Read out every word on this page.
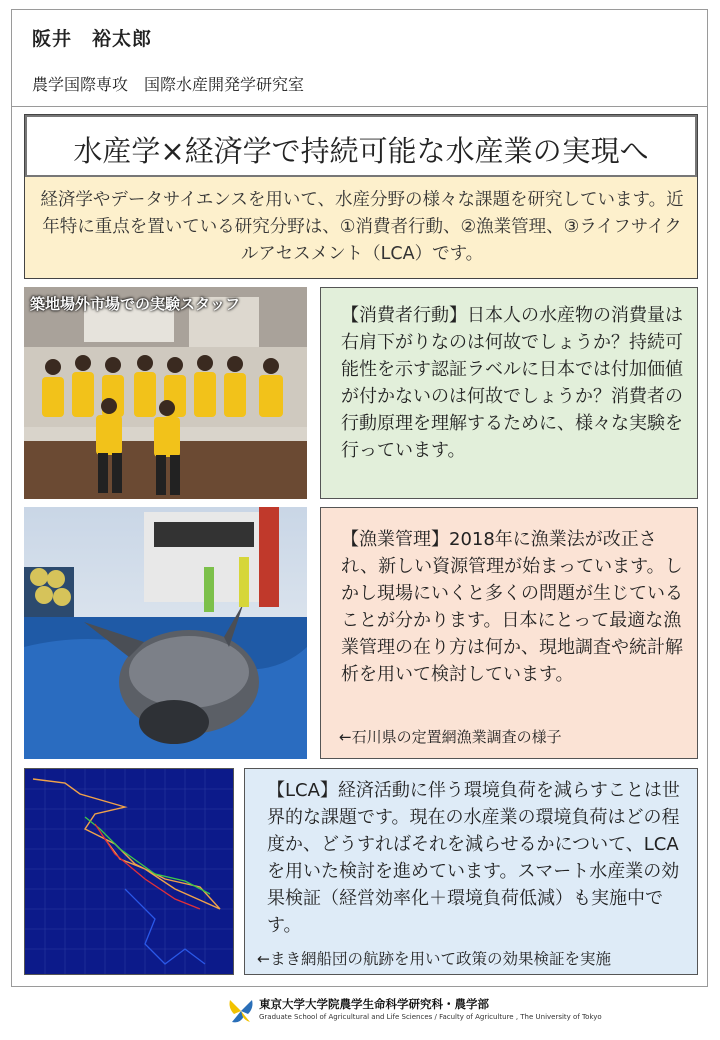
阪井　裕太郎
農学国際専攻　国際水産開発学研究室
水産学×経済学で持続可能な水産業の実現へ
経済学やデータサイエンスを用いて、水産分野の様々な課題を研究しています。近年特に重点を置いている研究分野は、①消費者行動、②漁業管理、③ライフサイクルアセスメント（LCA）です。
築地場外市場での実験スタッフ
【消費者行動】日本人の水産物の消費量は右肩下がりなのは何故でしょうか？持続可能性を示す認証ラベルに日本では付加価値が付かないのは何故でしょうか？消費者の行動原理を理解するために、様々な実験を行っています。
【漁業管理】2018年に漁業法が改正され、新しい資源管理が始まっています。しかし現場にいくと多くの問題が生じていることが分かります。日本にとって最適な漁業管理の在り方は何か、現地調査や統計解析を用いて検討しています。
←石川県の定置網漁業調査の様子
【LCA】経済活動に伴う環境負荷を減らすことは世界的な課題です。現在の水産業の環境負荷はどの程度か、どうすればそれを減らせるかについて、LCAを用いた検討を進めています。スマート水産業の効果検証（経営効率化＋環境負荷低減）も実施中です。
←まき網船団の航跡を用いて政策の効果検証を実施
東京大学大学院農学生命科学研究科・農学部
Graduate School of Agricultural and Life Sciences / Faculty of Agriculture , The University of Tokyo
